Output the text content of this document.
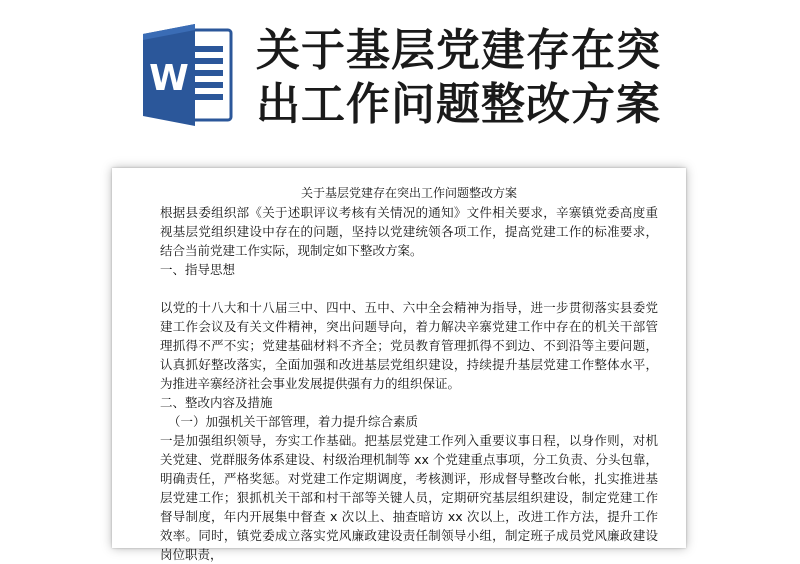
W
关于基层党建存在突
出工作问题整改方案
关于基层党建存在突出工作问题整改方案

根据县委组织部《关于述职评议考核有关情况的通知》文件相关要求，辛寨镇党委高度重视基层党组织建设中存在的问题，坚持以党建统领各项工作，提高党建工作的标准要求，结合当前党建工作实际，现制定如下整改方案。

一、指导思想

以党的十八大和十八届三中、四中、五中、六中全会精神为指导，进一步贯彻落实县委党建工作会议及有关文件精神，突出问题导向，着力解决辛寨党建工作中存在的机关干部管理抓得不严不实；党建基础材料不齐全；党员教育管理抓得不到边、不到沿等主要问题，认真抓好整改落实，全面加强和改进基层党组织建设，持续提升基层党建工作整体水平，为推进辛寨经济社会事业发展提供强有力的组织保证。

二、整改内容及措施

（一）加强机关干部管理，着力提升综合素质

一是加强组织领导，夯实工作基础。把基层党建工作列入重要议事日程，以身作则，对机关党建、党群服务体系建设、村级治理机制等 xx 个党建重点事项，分工负责、分头包靠，明确责任，严格奖惩。对党建工作定期调度，考核测评，形成督导整改台帐，扎实推进基层党建工作；狠抓机关干部和村干部等关键人员，定期研究基层组织建设，制定党建工作督导制度，年内开展集中督查 x 次以上、抽查暗访 xx 次以上，改进工作方法，提升工作效率。同时，镇党委成立落实党风廉政建设责任制领导小组，制定班子成员党风廉政建设岗位职责，
